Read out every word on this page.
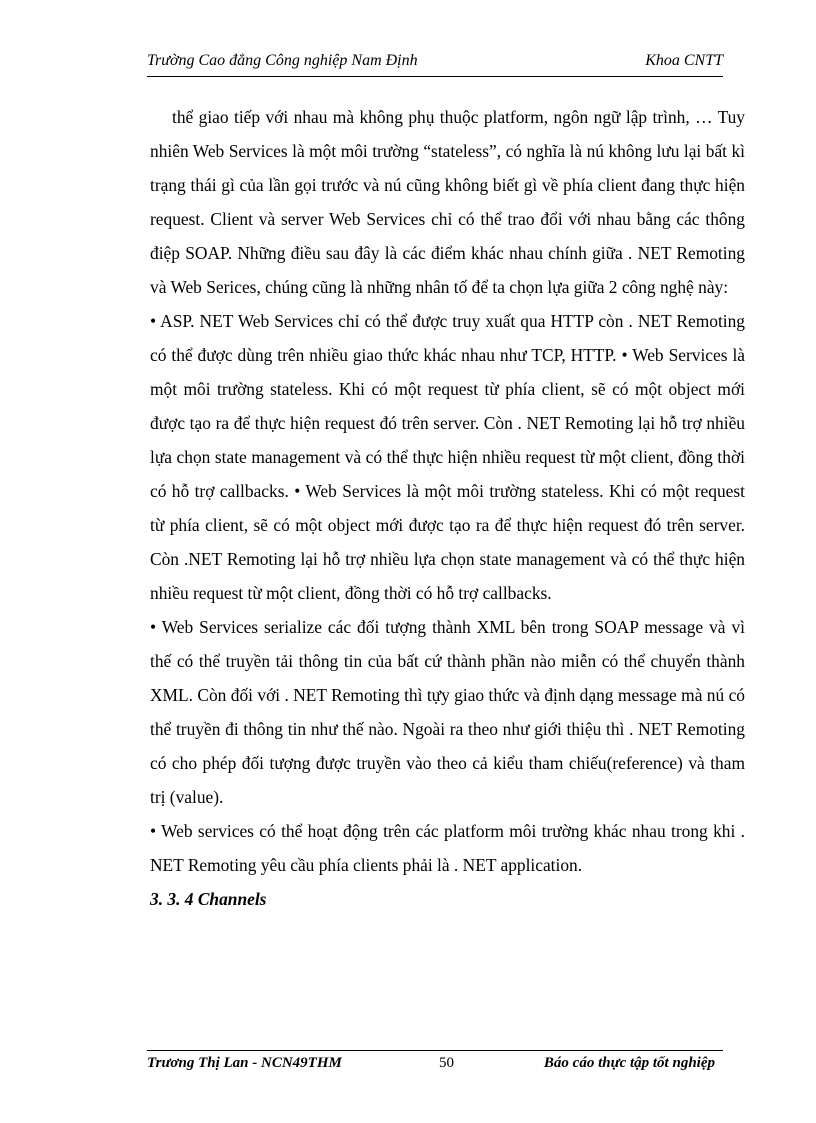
Trường Cao đẳng Công nghiệp Nam Định	Khoa CNTT

thể giao tiếp với nhau mà không phụ thuộc platform, ngôn ngữ lập trình, … Tuy nhiên Web Services là một môi trường “stateless”, có nghĩa là nú không lưu lại bất kì trạng thái gì của lần gọi trước và nú cũng không biết gì về phía client đang thực hiện request. Client và server Web Services chỉ có thể trao đổi với nhau bằng các thông điệp SOAP. Những điều sau đây là các điểm khác nhau chính giữa . NET Remoting và Web Serices, chúng cũng là những nhân tố để ta chọn lựa giữa 2 công nghệ này:

• ASP. NET Web Services chỉ có thể được truy xuất qua HTTP còn . NET Remoting có thể được dùng trên nhiều giao thức khác nhau như TCP, HTTP. • Web Services là một môi trường stateless. Khi có một request từ phía client, sẽ có một object mới được tạo ra để thực hiện request đó trên server. Còn . NET Remoting lại hỗ trợ nhiều lựa chọn state management và có thể thực hiện nhiều request từ một client, đồng thời có hỗ trợ callbacks. • Web Services là một môi trường stateless. Khi có một request từ phía client, sẽ có một object mới được tạo ra để thực hiện request đó trên server. Còn .NET Remoting lại hỗ trợ nhiều lựa chọn state management và có thể thực hiện nhiều request từ một client, đồng thời có hỗ trợ callbacks.

• Web Services serialize các đối tượng thành XML bên trong SOAP message và vì thế có thể truyền tải thông tin của bất cứ thành phần nào miễn có thể chuyển thành XML. Còn đối với . NET Remoting thì tựy giao thức và định dạng message mà nú có thể truyền đi thông tin như thế nào. Ngoài ra theo như giới thiệu thì . NET Remoting có cho phép đối tượng được truyền vào theo cả kiểu tham chiếu(reference) và tham trị (value).

• Web services có thể hoạt động trên các platform môi trường khác nhau trong khi . NET Remoting yêu cầu phía clients phải là . NET application.

3. 3. 4 Channels

Trương Thị Lan - NCN49THM	50	Báo cáo thực tập tốt nghiệp
